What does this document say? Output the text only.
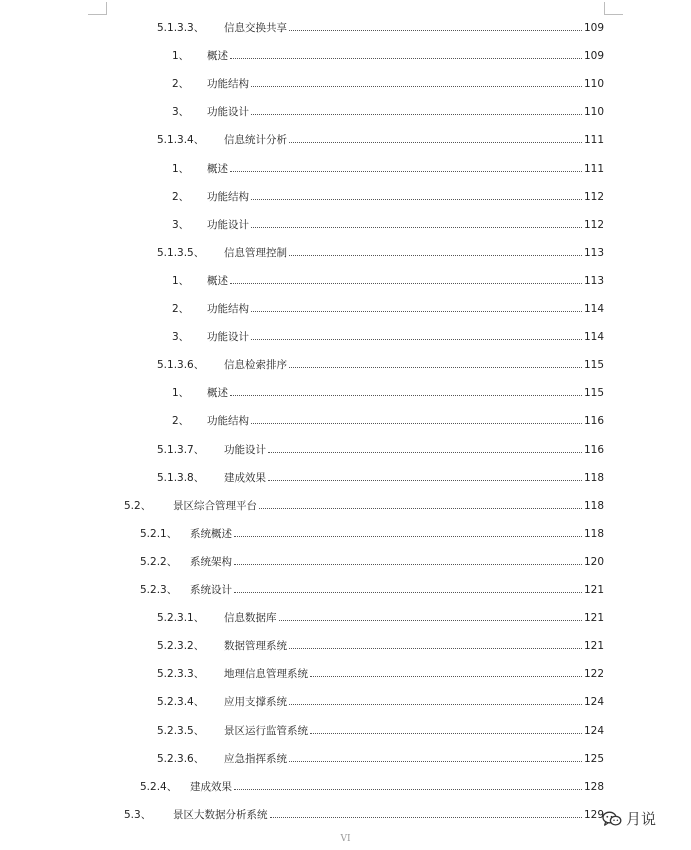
5.1.3.3、 信息交换共享	109
1、 概述	109
2、 功能结构	110
3、 功能设计	110
5.1.3.4、 信息统计分析	111
1、 概述	111
2、 功能结构	112
3、 功能设计	112
5.1.3.5、 信息管理控制	113
1、 概述	113
2、 功能结构	114
3、 功能设计	114
5.1.3.6、 信息检索排序	115
1、 概述	115
2、 功能结构	116
5.1.3.7、 功能设计	116
5.1.3.8、 建成效果	118
5.2、 景区综合管理平台	118
5.2.1、 系统概述	118
5.2.2、 系统架构	120
5.2.3、 系统设计	121
5.2.3.1、 信息数据库	121
5.2.3.2、 数据管理系统	121
5.2.3.3、 地理信息管理系统	122
5.2.3.4、 应用支撑系统	124
5.2.3.5、 景区运行监管系统	124
5.2.3.6、 应急指挥系统	125
5.2.4、 建成效果	128
5.3、 景区大数据分析系统	129
VI
月说
